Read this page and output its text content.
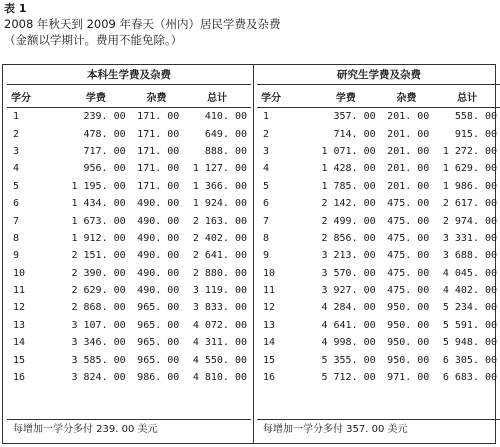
表 1
2008 年秋天到 2009 年春天（州内）居民学费及杂费
（金额以学期计。费用不能免除。）
本科生学费及杂费
学分	学费	杂费	总计
1	239. 00	171. 00	410. 00
2	478. 00	171. 00	649. 00
3	717. 00	171. 00	888. 00
4	956. 00	171. 00	1 127. 00
5	1 195. 00	171. 00	1 366. 00
6	1 434. 00	490. 00	1 924. 00
7	1 673. 00	490. 00	2 163. 00
8	1 912. 00	490. 00	2 402. 00
9	2 151. 00	490. 00	2 641. 00
10	2 390. 00	490. 00	2 880. 00
11	2 629. 00	490. 00	3 119. 00
12	2 868. 00	965. 00	3 833. 00
13	3 107. 00	965. 00	4 072. 00
14	3 346. 00	965. 00	4 311. 00
15	3 585. 00	965. 00	4 550. 00
16	3 824. 00	986. 00	4 810. 00
研究生学费及杂费
学分	学费	杂费	总计
1	357. 00	201. 00	558. 00
2	714. 00	201. 00	915. 00
3	1 071. 00	201. 00	1 272. 00
4	1 428. 00	201. 00	1 629. 00
5	1 785. 00	201. 00	1 986. 00
6	2 142. 00	475. 00	2 617. 00
7	2 499. 00	475. 00	2 974. 00
8	2 856. 00	475. 00	3 331. 00
9	3 213. 00	475. 00	3 688. 00
10	3 570. 00	475. 00	4 045. 00
11	3 927. 00	475. 00	4 402. 00
12	4 284. 00	950. 00	5 234. 00
13	4 641. 00	950. 00	5 591. 00
14	4 998. 00	950. 00	5 948. 00
15	5 355. 00	950. 00	6 305. 00
16	5 712. 00	971. 00	6 683. 00
每增加一学分多付 239. 00 美元	每增加一学分多付 357. 00 美元
